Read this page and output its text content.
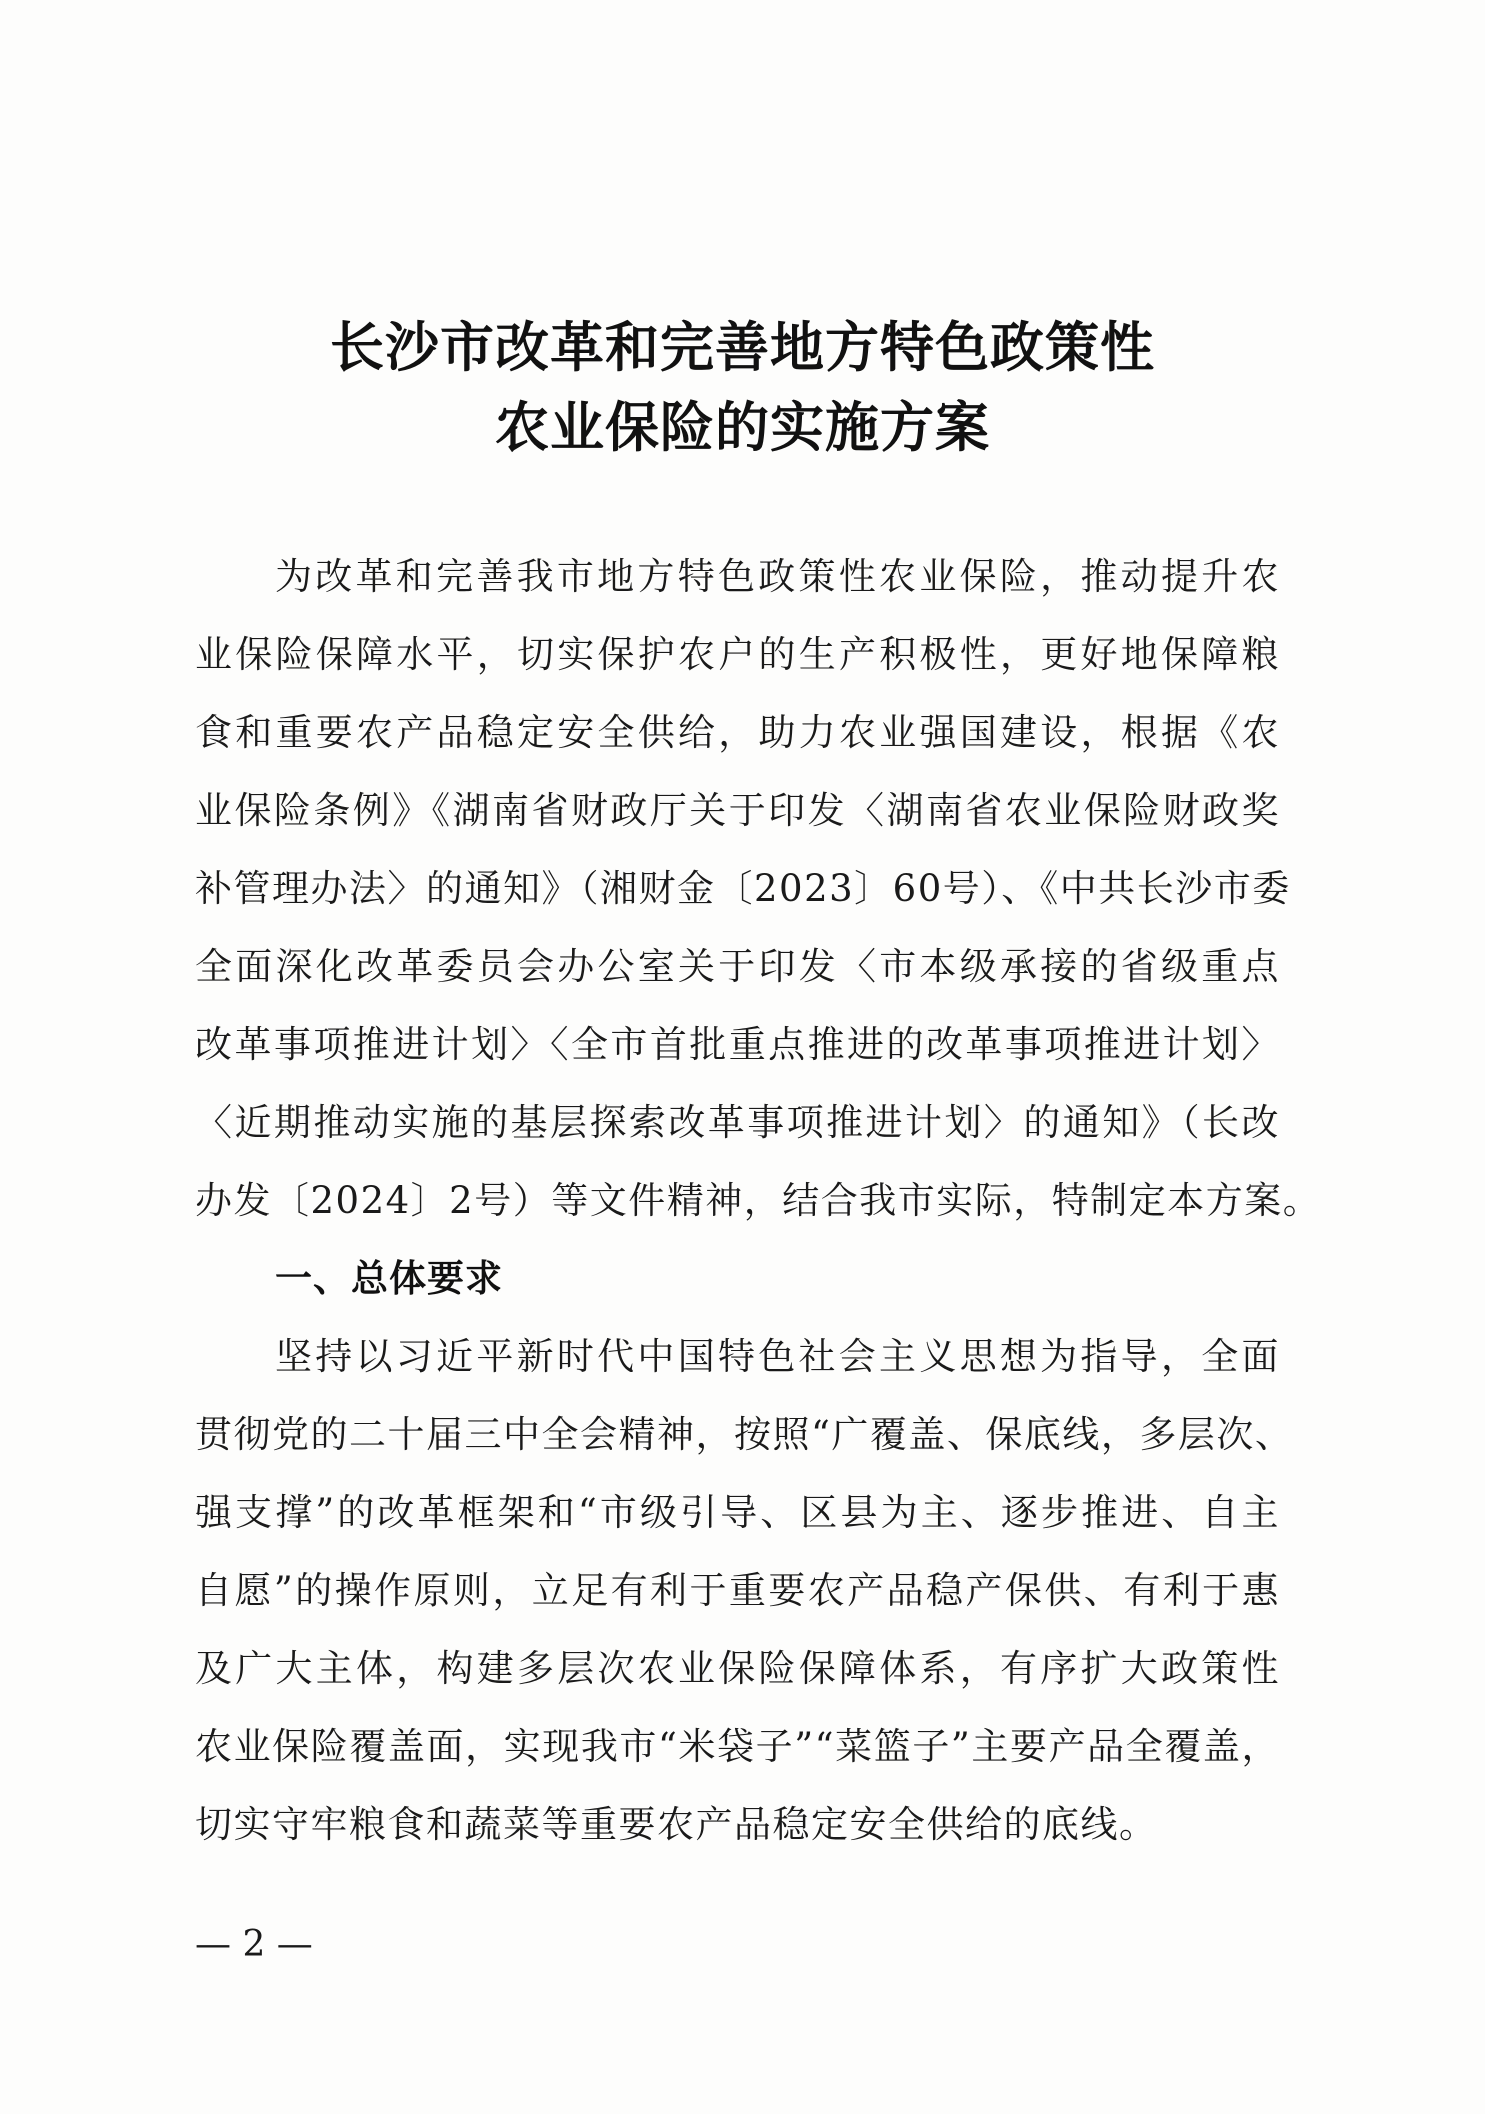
长沙市改革和完善地方特色政策性
农业保险的实施方案

为改革和完善我市地方特色政策性农业保险，推动提升农

业保险保障水平，切实保护农户的生产积极性，更好地保障粮

食和重要农产品稳定安全供给，助力农业强国建设，根据《农

业保险条例》《湖南省财政厅关于印发〈湖南省农业保险财政奖

补管理办法〉的通知》（湘财金〔2023〕60号）、《中共长沙市委

全面深化改革委员会办公室关于印发〈市本级承接的省级重点

改革事项推进计划〉〈全市首批重点推进的改革事项推进计划〉

〈近期推动实施的基层探索改革事项推进计划〉的通知》（长改

办发〔2024〕2号）等文件精神，结合我市实际，特制定本方案。

一、总体要求

坚持以习近平新时代中国特色社会主义思想为指导，全面

贯彻党的二十届三中全会精神，按照“广覆盖、保底线，多层次、

强支撑”的改革框架和“市级引导、区县为主、逐步推进、自主

自愿”的操作原则，立足有利于重要农产品稳产保供、有利于惠

及广大主体，构建多层次农业保险保障体系，有序扩大政策性

农业保险覆盖面，实现我市“米袋子”“菜篮子”主要产品全覆盖，

切实守牢粮食和蔬菜等重要农产品稳定安全供给的底线。

— 2 —
